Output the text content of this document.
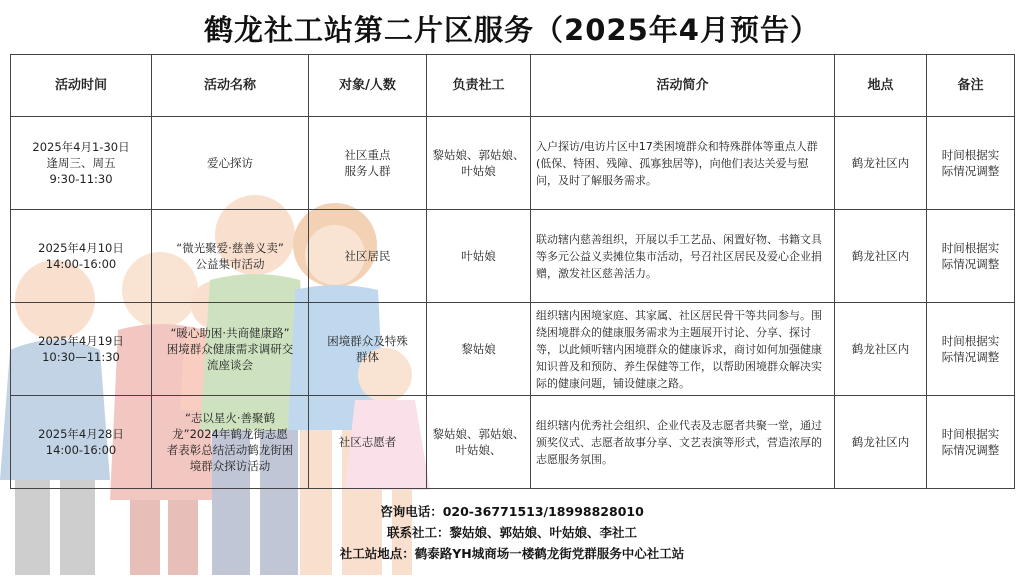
鹤龙社工站第二片区服务（2025年4月预告）
活动时间	活动名称	对象/人数	负责社工	活动简介	地点	备注

2025年4月1-30日
逢周三、周五
9:30-11:30	爱心探访	社区重点
服务人群	黎姑娘、郭姑娘、
叶姑娘	入户探访/电访片区中17类困境群众和特殊群体等重点人群(低保、特困、残障、孤寡独居等)，向他们表达关爱与慰问，及时了解服务需求。	鹤龙社区内	时间根据实
际情况调整

2025年4月10日
14:00-16:00	“微光聚爱·慈善义卖”
公益集市活动	社区居民	叶姑娘	联动辖内慈善组织，开展以手工艺品、闲置好物、书籍文具等多元公益义卖摊位集市活动，号召社区居民及爱心企业捐赠，激发社区慈善活力。	鹤龙社区内	时间根据实
际情况调整

2025年4月19日
10:30—11:30	“暖心助困·共商健康路”
困境群众健康需求调研交
流座谈会	困境群众及特殊
群体	黎姑娘	组织辖内困境家庭、其家属、社区居民骨干等共同参与。围绕困境群众的健康服务需求为主题展开讨论、分享、探讨等，以此倾听辖内困境群众的健康诉求，商讨如何加强健康知识普及和预防、养生保健等工作，以帮助困境群众解决实际的健康问题，铺设健康之路。	鹤龙社区内	时间根据实
际情况调整

2025年4月28日
14:00-16:00	“志以星火·善聚鹤
龙”2024年鹤龙街志愿
者表彰总结活动鹤龙街困
境群众探访活动	社区志愿者	黎姑娘、郭姑娘、
叶姑娘、	组织辖内优秀社会组织、企业代表及志愿者共聚一堂，通过颁奖仪式、志愿者故事分享、文艺表演等形式，营造浓厚的志愿服务氛围。	鹤龙社区内	时间根据实
际情况调整
咨询电话：020-36771513/18998828010
联系社工：黎姑娘、郭姑娘、叶姑娘、李社工
社工站地点：鹤泰路YH城商场一楼鹤龙街党群服务中心社工站
